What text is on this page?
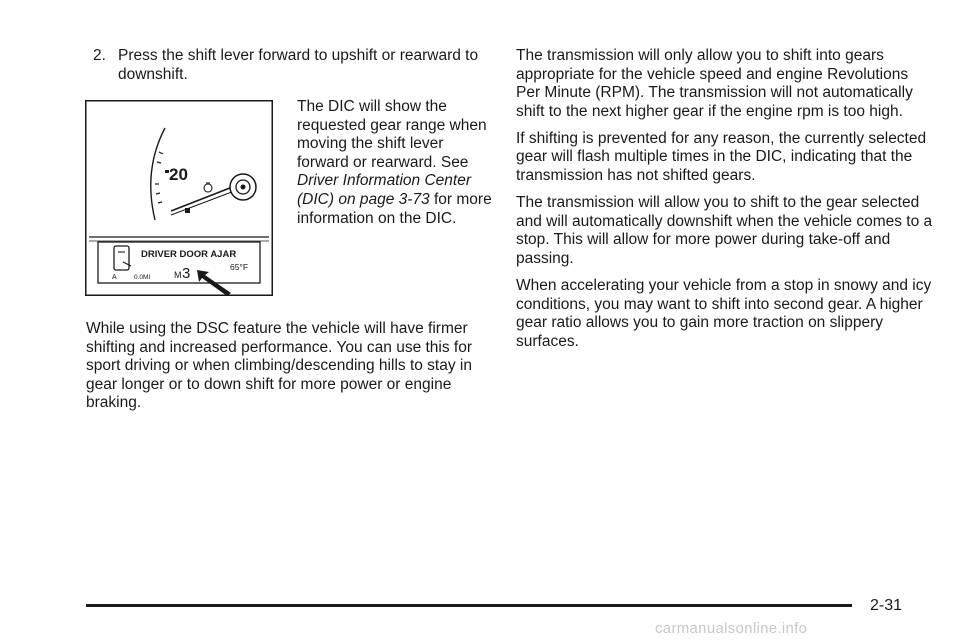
2. Press the shift lever forward to upshift or rearward to downshift.

20
DRIVER DOOR AJAR
A	0.0MI	M 3	65°F

The DIC will show the requested gear range when moving the shift lever forward or rearward. See Driver Information Center (DIC) on page 3-73 for more information on the DIC.

While using the DSC feature the vehicle will have firmer shifting and increased performance. You can use this for sport driving or when climbing/descending hills to stay in gear longer or to down shift for more power or engine braking.

The transmission will only allow you to shift into gears appropriate for the vehicle speed and engine Revolutions Per Minute (RPM). The transmission will not automatically shift to the next higher gear if the engine rpm is too high.

If shifting is prevented for any reason, the currently selected gear will flash multiple times in the DIC, indicating that the transmission has not shifted gears.

The transmission will allow you to shift to the gear selected and will automatically downshift when the vehicle comes to a stop. This will allow for more power during take-off and passing.

When accelerating your vehicle from a stop in snowy and icy conditions, you may want to shift into second gear. A higher gear ratio allows you to gain more traction on slippery surfaces.

2-31
carmanualsonline.info
